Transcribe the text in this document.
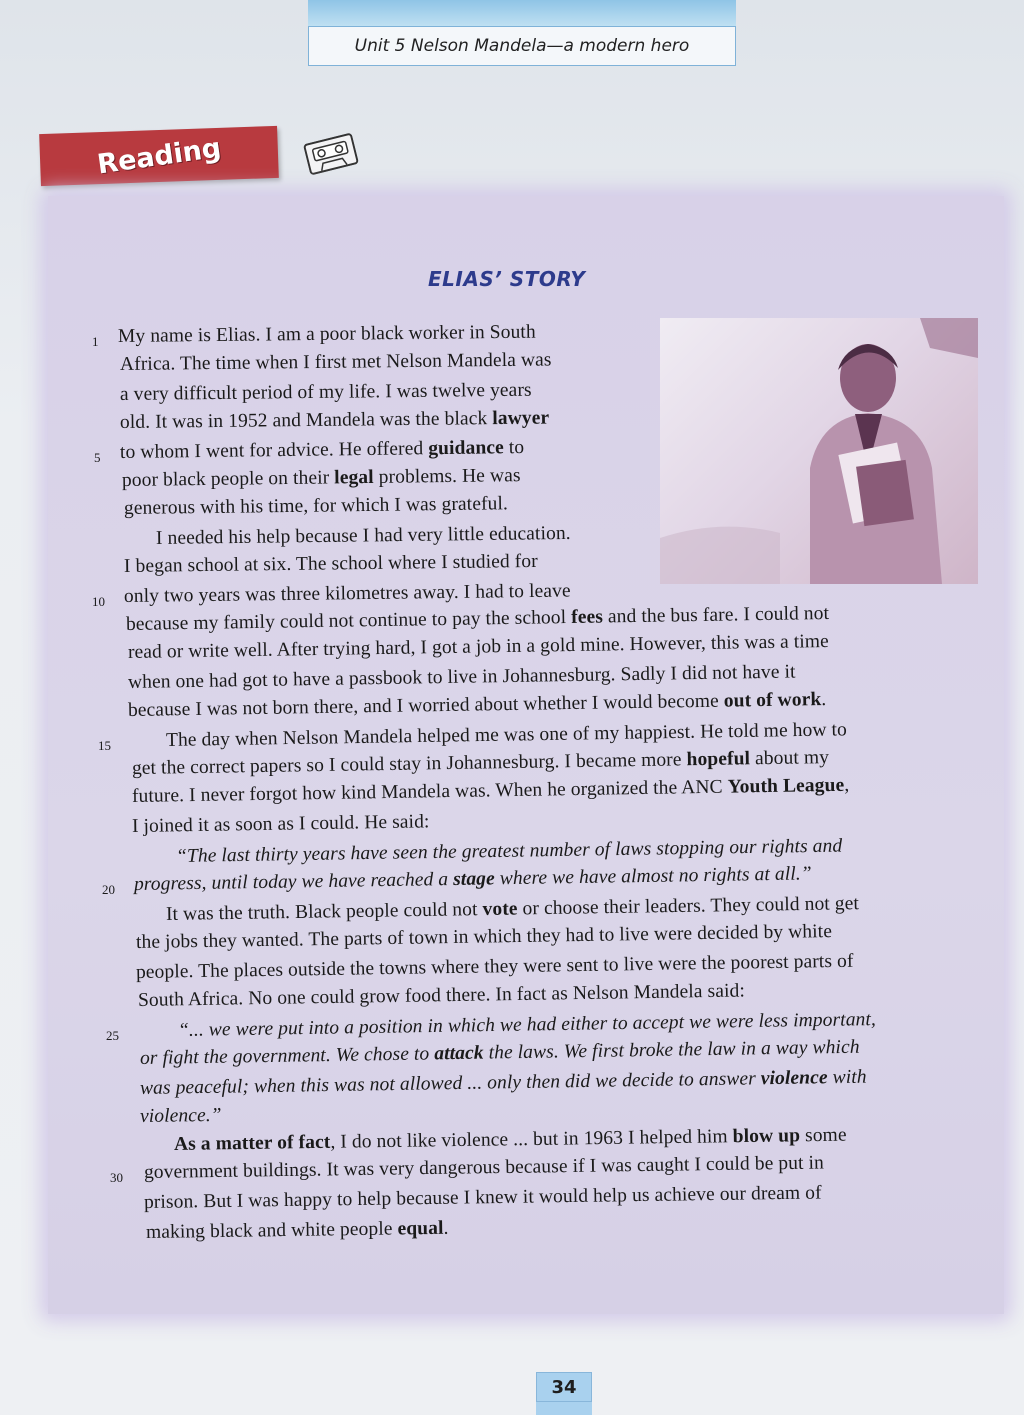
Unit 5 Nelson Mandela—a modern hero
Reading
ELIAS’ STORY
My name is Elias. I am a poor black worker in South
1
Africa. The time when I first met Nelson Mandela was
a very difficult period of my life. I was twelve years
old. It was in 1952 and Mandela was the black lawyer
to whom I went for advice. He offered guidance to
5
poor black people on their legal problems. He was
generous with his time, for which I was grateful.
I needed his help because I had very little education.
I began school at six. The school where I studied for
only two years was three kilometres away. I had to leave
10
because my family could not continue to pay the school fees and the bus fare. I could not
read or write well. After trying hard, I got a job in a gold mine. However, this was a time
when one had got to have a passbook to live in Johannesburg. Sadly I did not have it
because I was not born there, and I worried about whether I would become out of work.
The day when Nelson Mandela helped me was one of my happiest. He told me how to
15
get the correct papers so I could stay in Johannesburg. I became more hopeful about my
future. I never forgot how kind Mandela was. When he organized the ANC Youth League,
I joined it as soon as I could. He said:
“The last thirty years have seen the greatest number of laws stopping our rights and
progress, until today we have reached a stage where we have almost no rights at all.”
20
It was the truth. Black people could not vote or choose their leaders. They could not get
the jobs they wanted. The parts of town in which they had to live were decided by white
people. The places outside the towns where they were sent to live were the poorest parts of
South Africa. No one could grow food there. In fact as Nelson Mandela said:
“... we were put into a position in which we had either to accept we were less important,
25
or fight the government. We chose to attack the laws. We first broke the law in a way which
was peaceful; when this was not allowed ... only then did we decide to answer violence with
violence.”
As a matter of fact, I do not like violence ... but in 1963 I helped him blow up some
government buildings. It was very dangerous because if I was caught I could be put in
30
prison. But I was happy to help because I knew it would help us achieve our dream of
making black and white people equal.
34
